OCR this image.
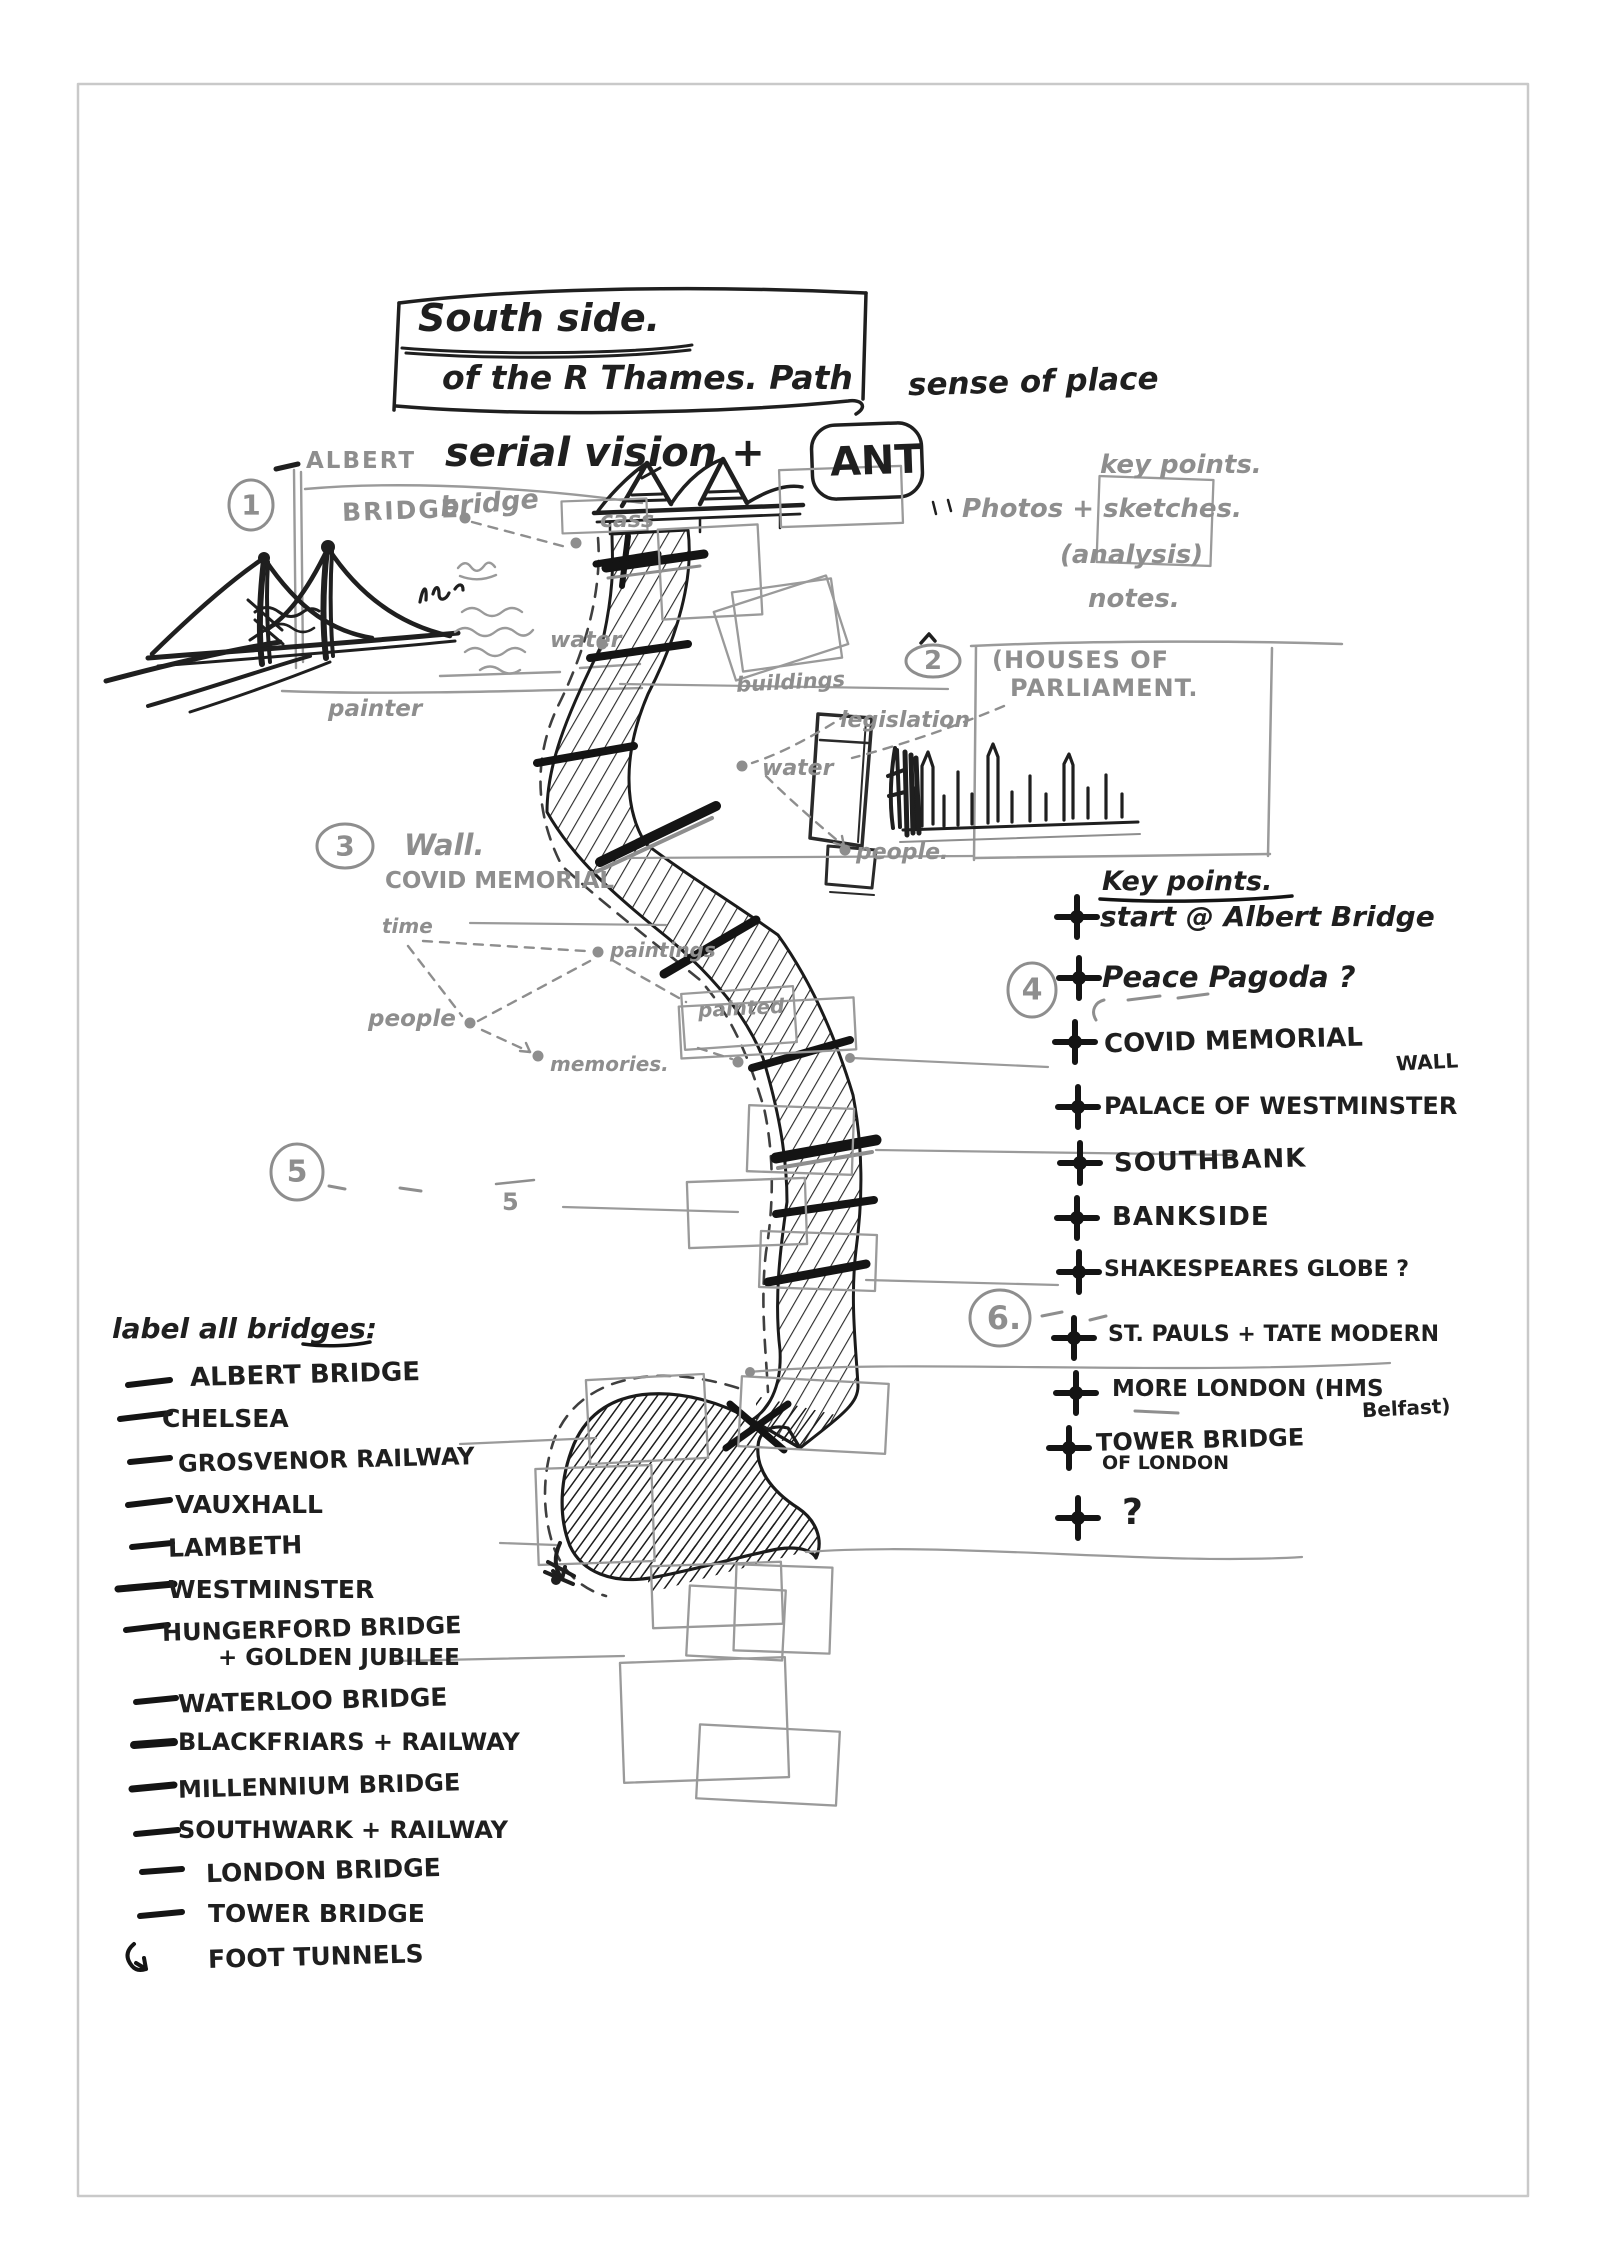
South side.
of the R Thames. Path sense of place
ALBERT serial vision + ANT
BRIDGE
bridge	cass
key points.
Photos + sketches.
(analysis)
notes.
water
buildings
legislation
(HOUSES OF
PARLIAMENT.
water
people.
Wall.
COVID MEMORIAL
time
paintings
people
memories.
painted
painter
5
1
2
3
4
5
6.
Key points.
start @ Albert Bridge
Peace Pagoda ?
COVID MEMORIAL
WALL
PALACE OF WESTMINSTER
SOUTHBANK
BANKSIDE
SHAKESPEARES GLOBE ?
ST. PAULS + TATE MODERN
MORE LONDON (HMS
Belfast)
TOWER BRIDGE
OF LONDON
?
label all bridges:
ALBERT BRIDGE
CHELSEA
GROSVENOR RAILWAY
VAUXHALL
LAMBETH
WESTMINSTER
HUNGERFORD BRIDGE
+ GOLDEN JUBILEE
WATERLOO BRIDGE
BLACKFRIARS + RAILWAY
MILLENNIUM BRIDGE
SOUTHWARK + RAILWAY
LONDON BRIDGE
TOWER BRIDGE
FOOT TUNNELS
